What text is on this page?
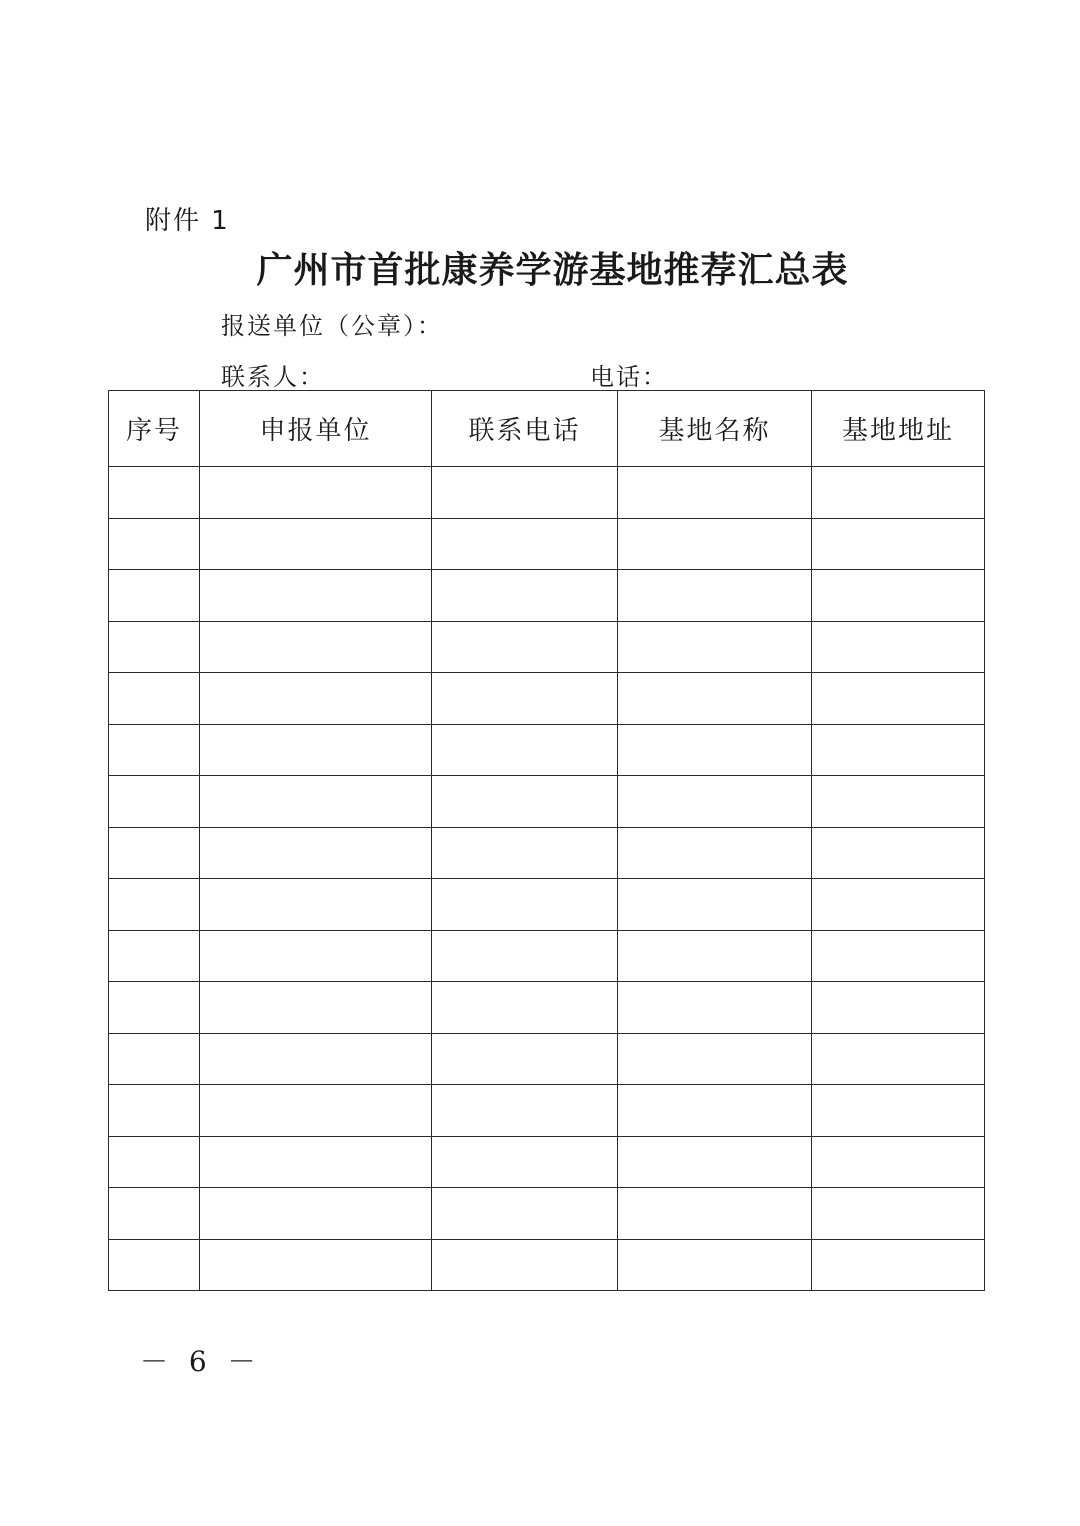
附件 1
广州市首批康养学游基地推荐汇总表
报送单位（公章）：
联系人：	电话：
序号	申报单位	联系电话	基地名称	基地地址

－ 6 －
